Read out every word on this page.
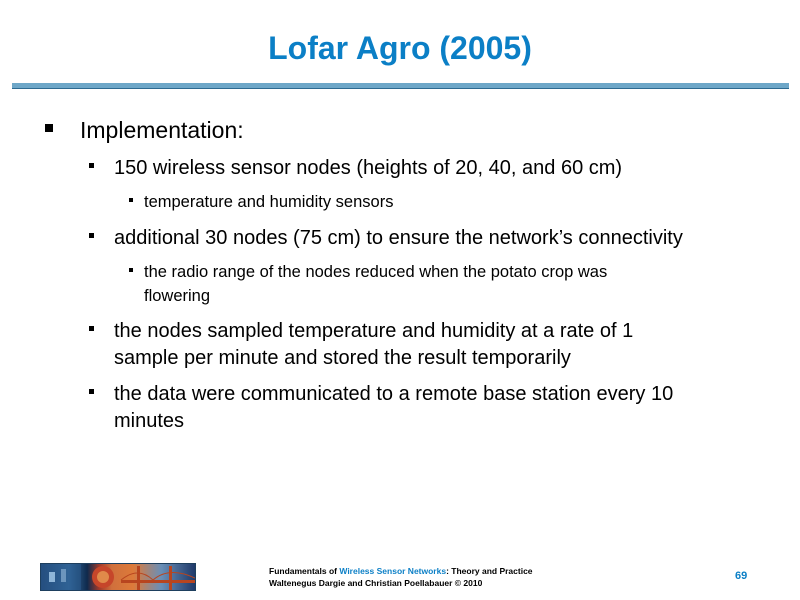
Lofar Agro (2005)
Implementation:
150 wireless sensor nodes (heights of 20, 40, and 60 cm)
temperature and humidity sensors
additional 30 nodes (75 cm) to ensure the network’s connectivity
the radio range of the nodes reduced when the potato crop was
flowering
the nodes sampled temperature and humidity at a rate of 1
sample per minute and stored the result temporarily
the data were communicated to a remote base station every 10
minutes
Fundamentals of Wireless Sensor Networks: Theory and Practice
Waltenegus Dargie and Christian Poellabauer © 2010
69
